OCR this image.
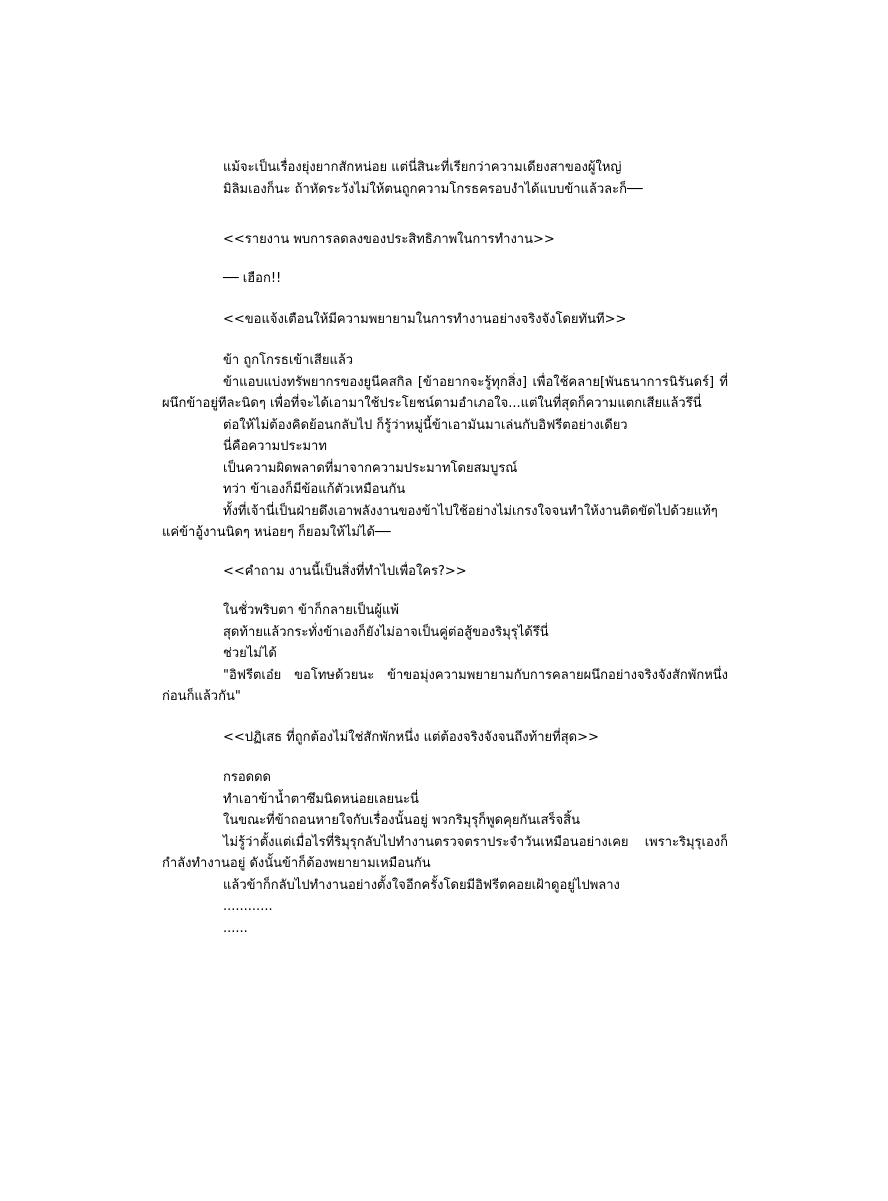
แม้จะเป็นเรื่องยุ่งยากสักหน่อย แต่นี่สินะที่เรียกว่าความเดียงสาของผู้ใหญ่

มิลิมเองก็นะ ถ้าหัดระวังไม่ให้ตนถูกความโกรธครอบงำได้แบบข้าแล้วละก็──

<<รายงาน พบการลดลงของประสิทธิภาพในการทำงาน>>

── เฮือก!!

<<ขอแจ้งเตือนให้มีความพยายามในการทำงานอย่างจริงจังโดยทันที>>

ข้า ถูกโกรธเข้าเสียแล้ว

ข้าแอบแบ่งทรัพยากรของยูนีคสกิล [ข้าอยากจะรู้ทุกสิ่ง] เพื่อใช้คลาย[พันธนาการนิรันดร์] ที่ผนึกข้าอยู่ทีละนิดๆ เพื่อที่จะได้เอามาใช้ประโยชน์ตามอำเภอใจ...แต่ในที่สุดก็ความแตกเสียแล้วรึนี่

ต่อให้ไม่ต้องคิดย้อนกลับไป ก็รู้ว่าหมู่นี้ข้าเอามันมาเล่นกับอิฟรีตอย่างเดียว

นี่คือความประมาท

เป็นความผิดพลาดที่มาจากความประมาทโดยสมบูรณ์

ทว่า ข้าเองก็มีข้อแก้ตัวเหมือนกัน

ทั้งที่เจ้านี่เป็นฝ่ายดึงเอาพลังงานของข้าไปใช้อย่างไม่เกรงใจจนทำให้งานติดขัดไปด้วยแท้ๆ แค่ข้าอู้งานนิดๆ หน่อยๆ ก็ยอมให้ไม่ได้──

<<คำถาม งานนี้เป็นสิ่งที่ทำไปเพื่อใคร?>>

ในชั่วพริบตา ข้าก็กลายเป็นผู้แพ้

สุดท้ายแล้วกระทั่งข้าเองก็ยังไม่อาจเป็นคู่ต่อสู้ของริมุรุได้รึนี่

ช่วยไม่ได้

"อิฟรีตเอ๋ย ขอโทษด้วยนะ ข้าขอมุ่งความพยายามกับการคลายผนึกอย่างจริงจังสักพักหนึ่งก่อนก็แล้วกัน"

<<ปฏิเสธ ที่ถูกต้องไม่ใช่สักพักหนึ่ง แต่ต้องจริงจังจนถึงท้ายที่สุด>>

กรอดดด

ทำเอาข้าน้ำตาซึมนิดหน่อยเลยนะนี่

ในขณะที่ข้าถอนหายใจกับเรื่องนั้นอยู่ พวกริมุรุก็พูดคุยกันเสร็จสิ้น

ไม่รู้ว่าตั้งแต่เมื่อไรที่ริมุรุกลับไปทำงานตรวจตราประจำวันเหมือนอย่างเคย เพราะริมุรุเองก็กำลังทำงานอยู่ ดังนั้นข้าก็ต้องพยายามเหมือนกัน

แล้วข้าก็กลับไปทำงานอย่างตั้งใจอีกครั้งโดยมีอิฟรีตคอยเฝ้าดูอยู่ไปพลาง

............

......
